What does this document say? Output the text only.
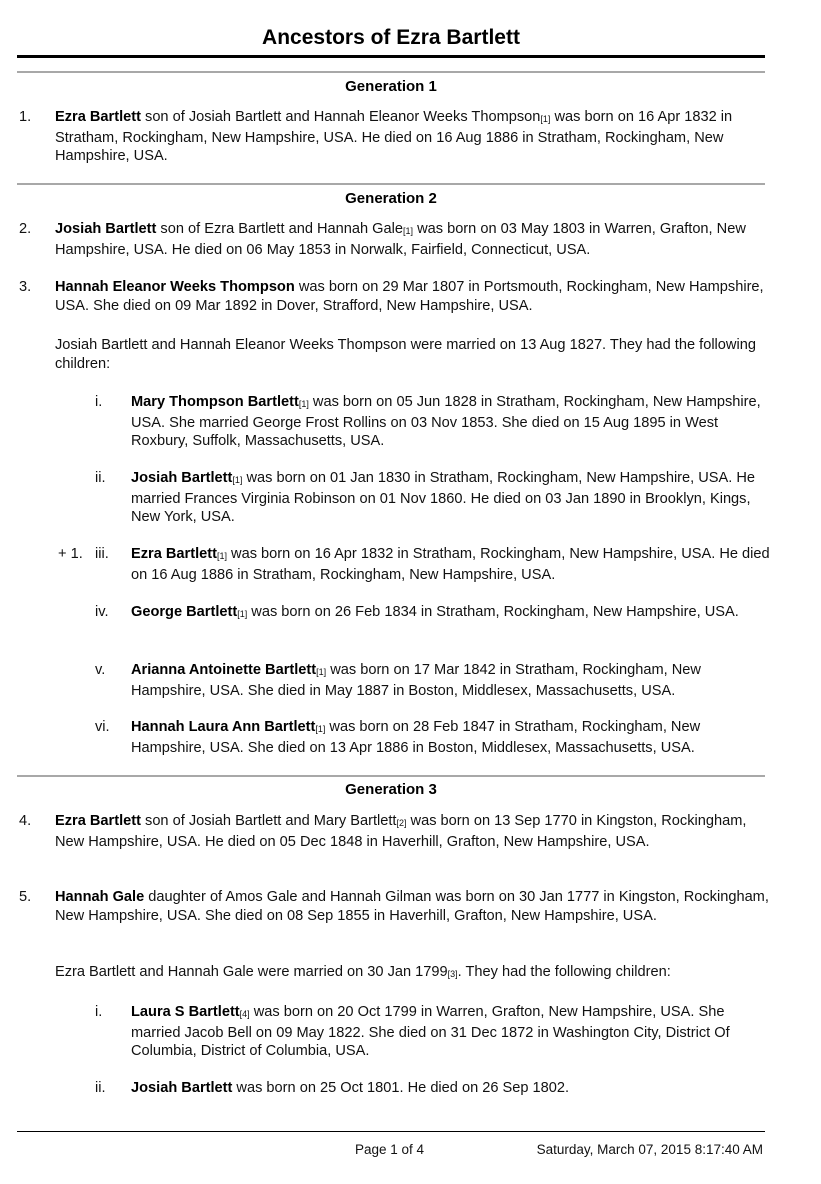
Ancestors of Ezra Bartlett
Generation 1
1. Ezra Bartlett son of Josiah Bartlett and Hannah Eleanor Weeks Thompson$_{[1]}$ was born on 16 Apr 1832 in Stratham, Rockingham, New Hampshire, USA. He died on 16 Aug 1886 in Stratham, Rockingham, New Hampshire, USA.
Generation 2
2. Josiah Bartlett son of Ezra Bartlett and Hannah Gale$_{[1]}$ was born on 03 May 1803 in Warren, Grafton, New Hampshire, USA. He died on 06 May 1853 in Norwalk, Fairfield, Connecticut, USA.
3. Hannah Eleanor Weeks Thompson was born on 29 Mar 1807 in Portsmouth, Rockingham, New Hampshire, USA. She died on 09 Mar 1892 in Dover, Strafford, New Hampshire, USA.
Josiah Bartlett and Hannah Eleanor Weeks Thompson were married on 13 Aug 1827. They had the following children:
i. Mary Thompson Bartlett$_{[1]}$ was born on 05 Jun 1828 in Stratham, Rockingham, New Hampshire, USA. She married George Frost Rollins on 03 Nov 1853. She died on 15 Aug 1895 in West Roxbury, Suffolk, Massachusetts, USA.
ii. Josiah Bartlett$_{[1]}$ was born on 01 Jan 1830 in Stratham, Rockingham, New Hampshire, USA. He married Frances Virginia Robinson on 01 Nov 1860. He died on 03 Jan 1890 in Brooklyn, Kings, New York, USA.
+ 1. iii. Ezra Bartlett$_{[1]}$ was born on 16 Apr 1832 in Stratham, Rockingham, New Hampshire, USA. He died on 16 Aug 1886 in Stratham, Rockingham, New Hampshire, USA.
iv. George Bartlett$_{[1]}$ was born on 26 Feb 1834 in Stratham, Rockingham, New Hampshire, USA.
v. Arianna Antoinette Bartlett$_{[1]}$ was born on 17 Mar 1842 in Stratham, Rockingham, New Hampshire, USA. She died in May 1887 in Boston, Middlesex, Massachusetts, USA.
vi. Hannah Laura Ann Bartlett$_{[1]}$ was born on 28 Feb 1847 in Stratham, Rockingham, New Hampshire, USA. She died on 13 Apr 1886 in Boston, Middlesex, Massachusetts, USA.
Generation 3
4. Ezra Bartlett son of Josiah Bartlett and Mary Bartlett$_{[2]}$ was born on 13 Sep 1770 in Kingston, Rockingham, New Hampshire, USA. He died on 05 Dec 1848 in Haverhill, Grafton, New Hampshire, USA.
5. Hannah Gale daughter of Amos Gale and Hannah Gilman was born on 30 Jan 1777 in Kingston, Rockingham, New Hampshire, USA. She died on 08 Sep 1855 in Haverhill, Grafton, New Hampshire, USA.
Ezra Bartlett and Hannah Gale were married on 30 Jan $1799_{[3]}$. They had the following children:
i. Laura S Bartlett$_{[4]}$ was born on 20 Oct 1799 in Warren, Grafton, New Hampshire, USA. She married Jacob Bell on 09 May 1822. She died on 31 Dec 1872 in Washington City, District Of Columbia, District of Columbia, USA.
ii. Josiah Bartlett was born on 25 Oct 1801. He died on 26 Sep 1802.
Page 1 of 4	Saturday, March 07, 2015 8:17:40 AM
